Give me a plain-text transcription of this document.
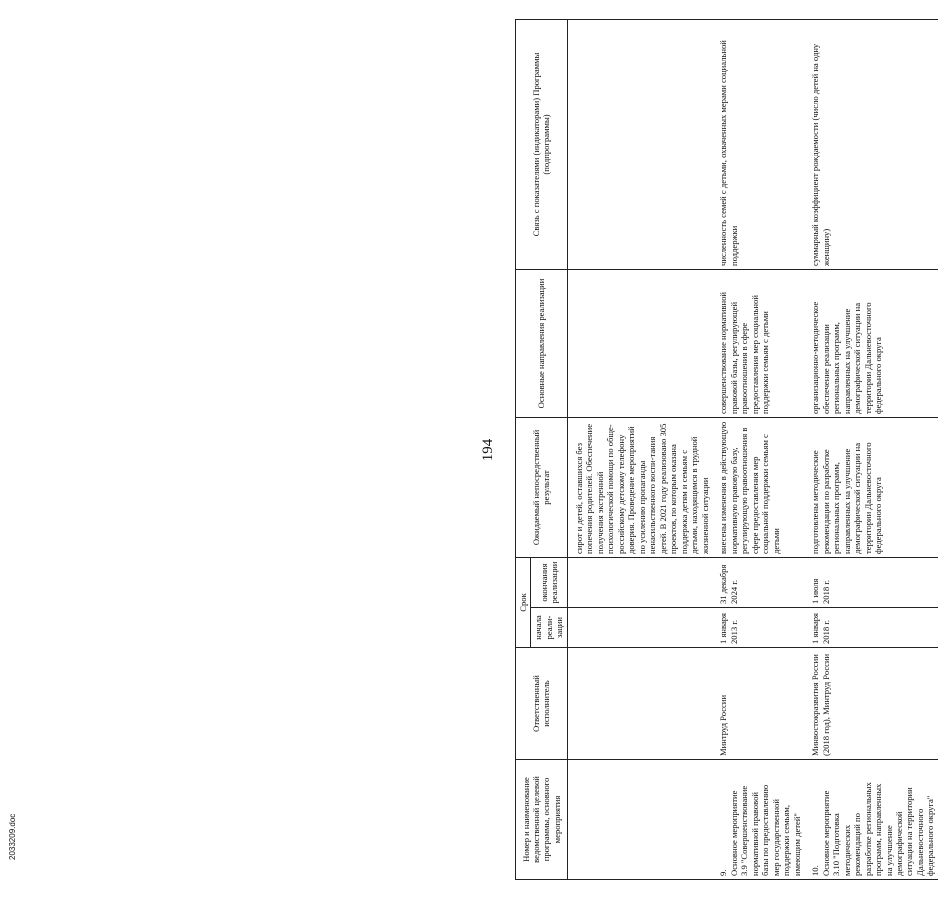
194
Номер и наименование ведомственной целевой программы, основного мероприятия	Ответственный исполнитель	Срок		Ожидаемый непосредственный результат	Основные направления реализации	Связь с показателями (индикаторами) Программы (подпрограммы)
		начала реали-зации	окончания реализации			
				сирот и детей, оставшихся без попечения родителей. Обеспечение получения экстренной психологической помощи по обще-российскому детскому телефону доверия. Проведение мероприятий по усилению пропаганды ненасильственного воспи-тания детей. В 2021 году реализовано 305 проектов, по которым оказана поддержка детям и семьям с детьми, находящимся в трудной жизненной ситуации		
9.Основное мероприятие 3.9 "Совершенствование нормативной правовой базы по предоставлению мер государственной поддержки семьям, имеющим детей"	Минтруд России	1 января 2013 г.	31 декабря 2024 г.	внесены изменения в действующую нормативную правовую базу, регулирующую правоотношения в сфере предоставления мер социальной поддержки семьям с детьми	совершенствование нормативной правовой базы, регулирующей правоотношения в сфере предоставления мер социальной поддержки семьям с детьми	численность семей с детьми, охваченных мерами социальной поддержки
10.Основное мероприятие 3.10 "Подготовка методических рекомендаций по разработке региональных программ, направленных на улучшение демографической ситуации на территории Дальневосточного федерального округа"	Минвостокразвития России (2018 год), Минтруд России	1 января 2018 г.	1 июля 2018 г.	подготовлены методические рекомендации по разработке региональных программ, направленных на улучшение демографической ситуации на территории Дальневосточного федерального округа	организационно-методическое обеспечение реализации региональных программ, направленных на улучшение демографической ситуации на территории Дальневосточного федерального округа	суммарный коэффициент рождаемости (число детей на одну женщину)
2033209.doc
